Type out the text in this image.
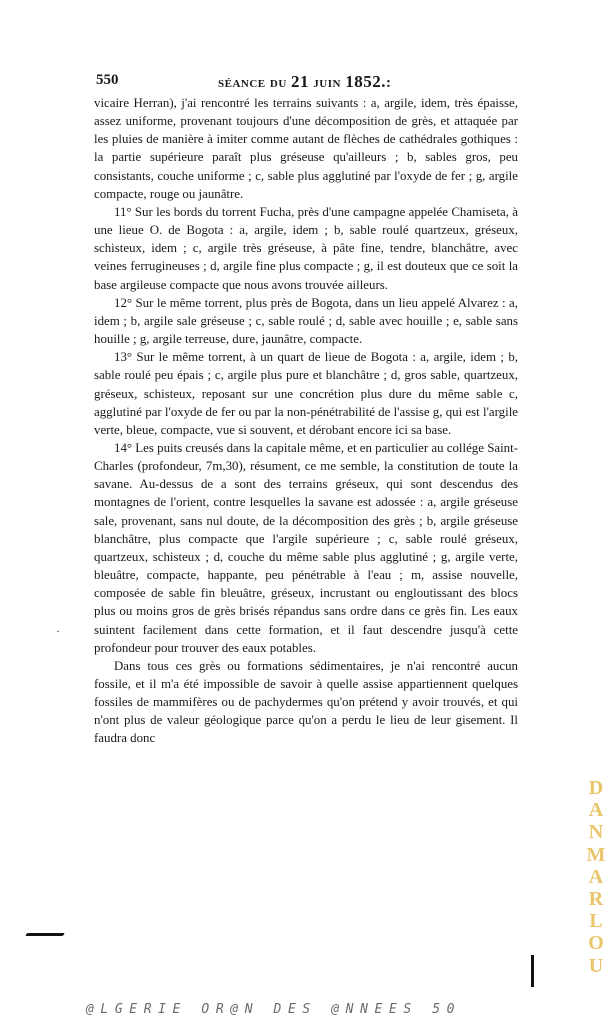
550	séance du 21 juin 1852.:

vicaire Herran), j'ai rencontré les terrains suivants : a, argile, idem, très épaisse, assez uniforme, provenant toujours d'une décomposition de grès, et attaquée par les pluies de manière à imiter comme autant de flèches de cathédrales gothiques : la partie supérieure paraît plus gréseuse qu'ailleurs ; b, sables gros, peu consistants, couche uniforme ; c, sable plus agglutiné par l'oxyde de fer ; g, argile compacte, rouge ou jaunâtre.

11° Sur les bords du torrent Fucha, près d'une campagne appelée Chamiseta, à une lieue O. de Bogota : a, argile, idem ; b, sable roulé quartzeux, gréseux, schisteux, idem ; c, argile très gréseuse, à pâte fine, tendre, blanchâtre, avec veines ferrugineuses ; d, argile fine plus compacte ; g, il est douteux que ce soit la base argileuse compacte que nous avons trouvée ailleurs.

12° Sur le même torrent, plus près de Bogota, dans un lieu appelé Alvarez : a, idem ; b, argile sale gréseuse ; c, sable roulé ; d, sable avec houille ; e, sable sans houille ; g, argile terreuse, dure, jaunâtre, compacte.

13° Sur le même torrent, à un quart de lieue de Bogota : a, argile, idem ; b, sable roulé peu épais ; c, argile plus pure et blanchâtre ; d, gros sable, quartzeux, gréseux, schisteux, reposant sur une concrétion plus dure du même sable c, agglutiné par l'oxyde de fer ou par la non-pénétrabilité de l'assise g, qui est l'argile verte, bleue, compacte, vue si souvent, et dérobant encore ici sa base.

14° Les puits creusés dans la capitale même, et en particulier au collége Saint-Charles (profondeur, 7m,30), résument, ce me semble, la constitution de toute la savane. Au-dessus de a sont des terrains gréseux, qui sont descendus des montagnes de l'orient, contre lesquelles la savane est adossée : a, argile gréseuse sale, provenant, sans nul doute, de la décomposition des grès ; b, argile gréseuse blanchâtre, plus compacte que l'argile supérieure ; c, sable roulé gréseux, quartzeux, schisteux ; d, couche du même sable plus agglutiné ; g, argile verte, bleuâtre, compacte, happante, peu pénétrable à l'eau ; m, assise nouvelle, composée de sable fin bleuâtre, gréseux, incrustant ou engloutissant des blocs plus ou moins gros de grès brisés répandus sans ordre dans ce grès fin. Les eaux suintent facilement dans cette formation, et il faut descendre jusqu'à cette profondeur pour trouver des eaux potables.

Dans tous ces grès ou formations sédimentaires, je n'ai rencontré aucun fossile, et il m'a été impossible de savoir à quelle assise appartiennent quelques fossiles de mammifères ou de pachydermes qu'on prétend y avoir trouvés, et qui n'ont plus de valeur géologique parce qu'on a perdu le lieu de leur gisement. Il faudra donc

·
DANMARLOU
@LGERIE OR@N DES @NNEES 50
